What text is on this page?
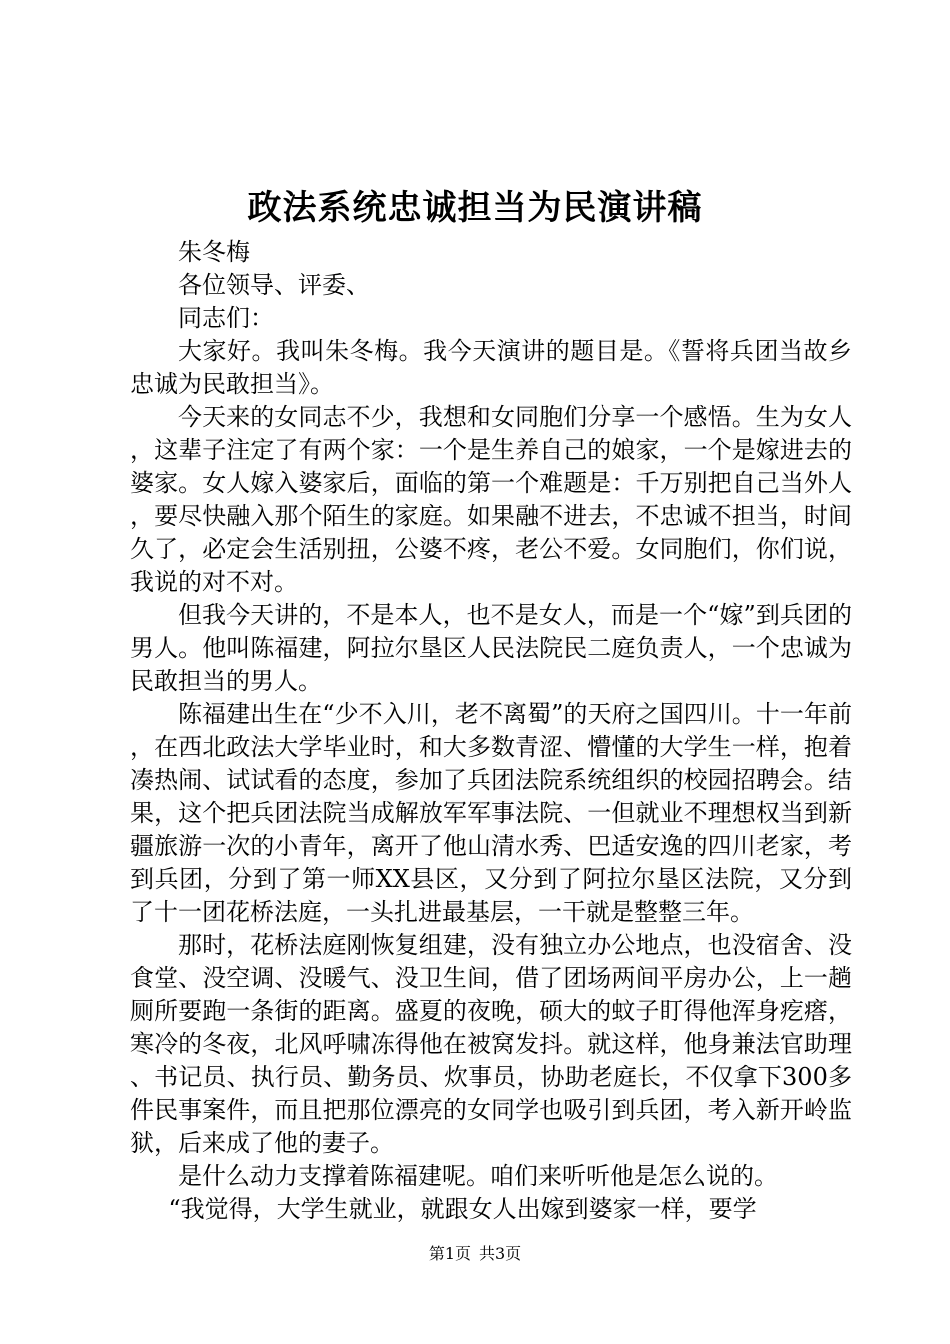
政法系统忠诚担当为民演讲稿

朱冬梅

各位领导、评委、

同志们：

大家好。我叫朱冬梅。我今天演讲的题目是。《誓将兵团当故乡忠诚为民敢担当》。

今天来的女同志不少，我想和女同胞们分享一个感悟。生为女人，这辈子注定了有两个家：一个是生养自己的娘家，一个是嫁进去的婆家。女人嫁入婆家后，面临的第一个难题是：千万别把自己当外人，要尽快融入那个陌生的家庭。如果融不进去，不忠诚不担当，时间久了，必定会生活别扭，公婆不疼，老公不爱。女同胞们，你们说，我说的对不对。

但我今天讲的，不是本人，也不是女人，而是一个“嫁”到兵团的男人。他叫陈福建，阿拉尔垦区人民法院民二庭负责人，一个忠诚为民敢担当的男人。

陈福建出生在“少不入川，老不离蜀”的天府之国四川。十一年前，在西北政法大学毕业时，和大多数青涩、懵懂的大学生一样，抱着凑热闹、试试看的态度，参加了兵团法院系统组织的校园招聘会。结果，这个把兵团法院当成解放军军事法院、一但就业不理想权当到新疆旅游一次的小青年，离开了他山清水秀、巴适安逸的四川老家，考到兵团，分到了第一师XX县区，又分到了阿拉尔垦区法院，又分到了十一团花桥法庭，一头扎进最基层，一干就是整整三年。

那时，花桥法庭刚恢复组建，没有独立办公地点，也没宿舍、没食堂、没空调、没暖气、没卫生间，借了团场两间平房办公，上一趟厕所要跑一条街的距离。盛夏的夜晚，硕大的蚊子盯得他浑身疙瘩，寒冷的冬夜，北风呼啸冻得他在被窝发抖。就这样，他身兼法官助理、书记员、执行员、勤务员、炊事员，协助老庭长，不仅拿下300多件民事案件，而且把那位漂亮的女同学也吸引到兵团，考入新开岭监狱，后来成了他的妻子。

是什么动力支撑着陈福建呢。咱们来听听他是怎么说的。

“我觉得，大学生就业，就跟女人出嫁到婆家一样，要学

第1页 共3页
